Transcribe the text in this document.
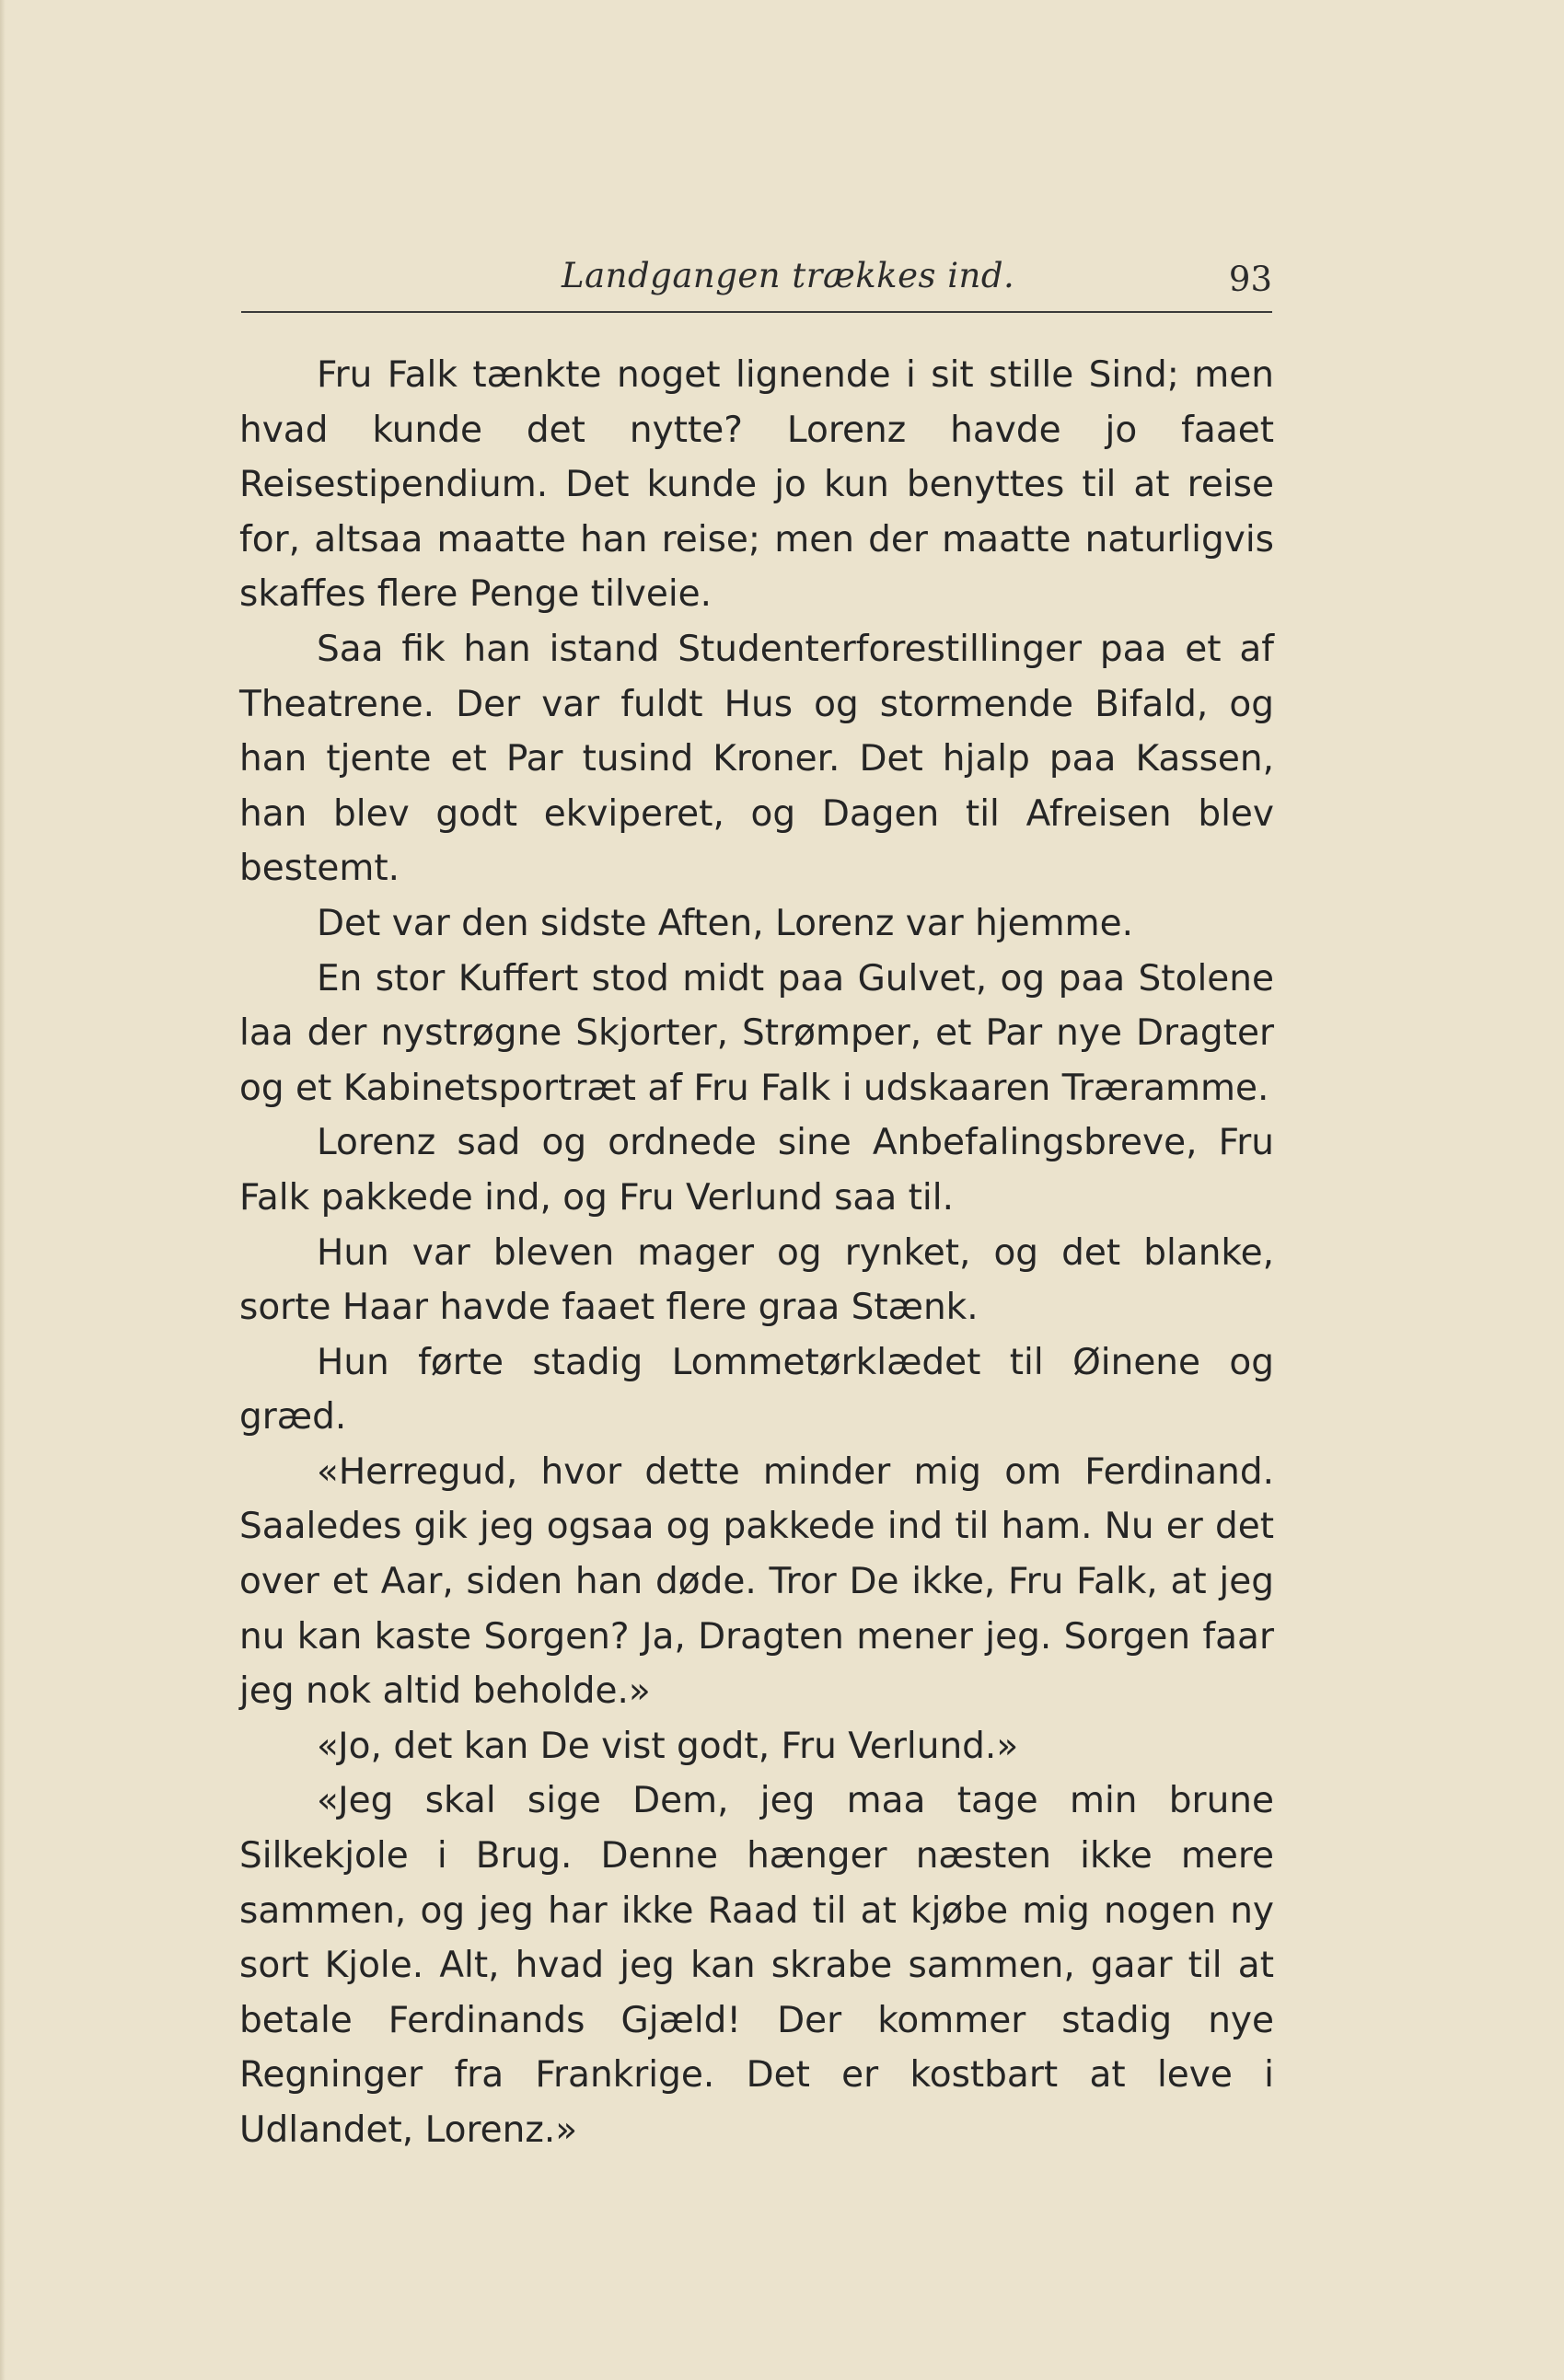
Landgangen trækkes ind.	93

Fru Falk tænkte noget lignende i sit stille Sind; men hvad kunde det nytte? Lorenz havde jo faaet Reisestipendium. Det kunde jo kun benyttes til at reise for, altsaa maatte han reise; men der maatte naturligvis skaffes flere Penge tilveie.

Saa fik han istand Studenterforestillinger paa et af Theatrene. Der var fuldt Hus og stormende Bifald, og han tjente et Par tusind Kroner. Det hjalp paa Kassen, han blev godt ekviperet, og Dagen til Afreisen blev bestemt.

Det var den sidste Aften, Lorenz var hjemme.

En stor Kuffert stod midt paa Gulvet, og paa Stolene laa der nystrøgne Skjorter, Strømper, et Par nye Dragter og et Kabinetsportræt af Fru Falk i udskaaren Træramme.

Lorenz sad og ordnede sine Anbefalingsbreve, Fru Falk pakkede ind, og Fru Verlund saa til.

Hun var bleven mager og rynket, og det blanke, sorte Haar havde faaet flere graa Stænk.

Hun førte stadig Lommetørklædet til Øinene og græd.

«Herregud, hvor dette minder mig om Ferdinand. Saaledes gik jeg ogsaa og pakkede ind til ham. Nu er det over et Aar, siden han døde. Tror De ikke, Fru Falk, at jeg nu kan kaste Sorgen? Ja, Dragten mener jeg. Sorgen faar jeg nok altid beholde.»

«Jo, det kan De vist godt, Fru Verlund.»

«Jeg skal sige Dem, jeg maa tage min brune Silkekjole i Brug. Denne hænger næsten ikke mere sammen, og jeg har ikke Raad til at kjøbe mig nogen ny sort Kjole. Alt, hvad jeg kan skrabe sammen, gaar til at betale Ferdinands Gjæld! Der kommer stadig nye Regninger fra Frankrige. Det er kostbart at leve i Udlandet, Lorenz.»
